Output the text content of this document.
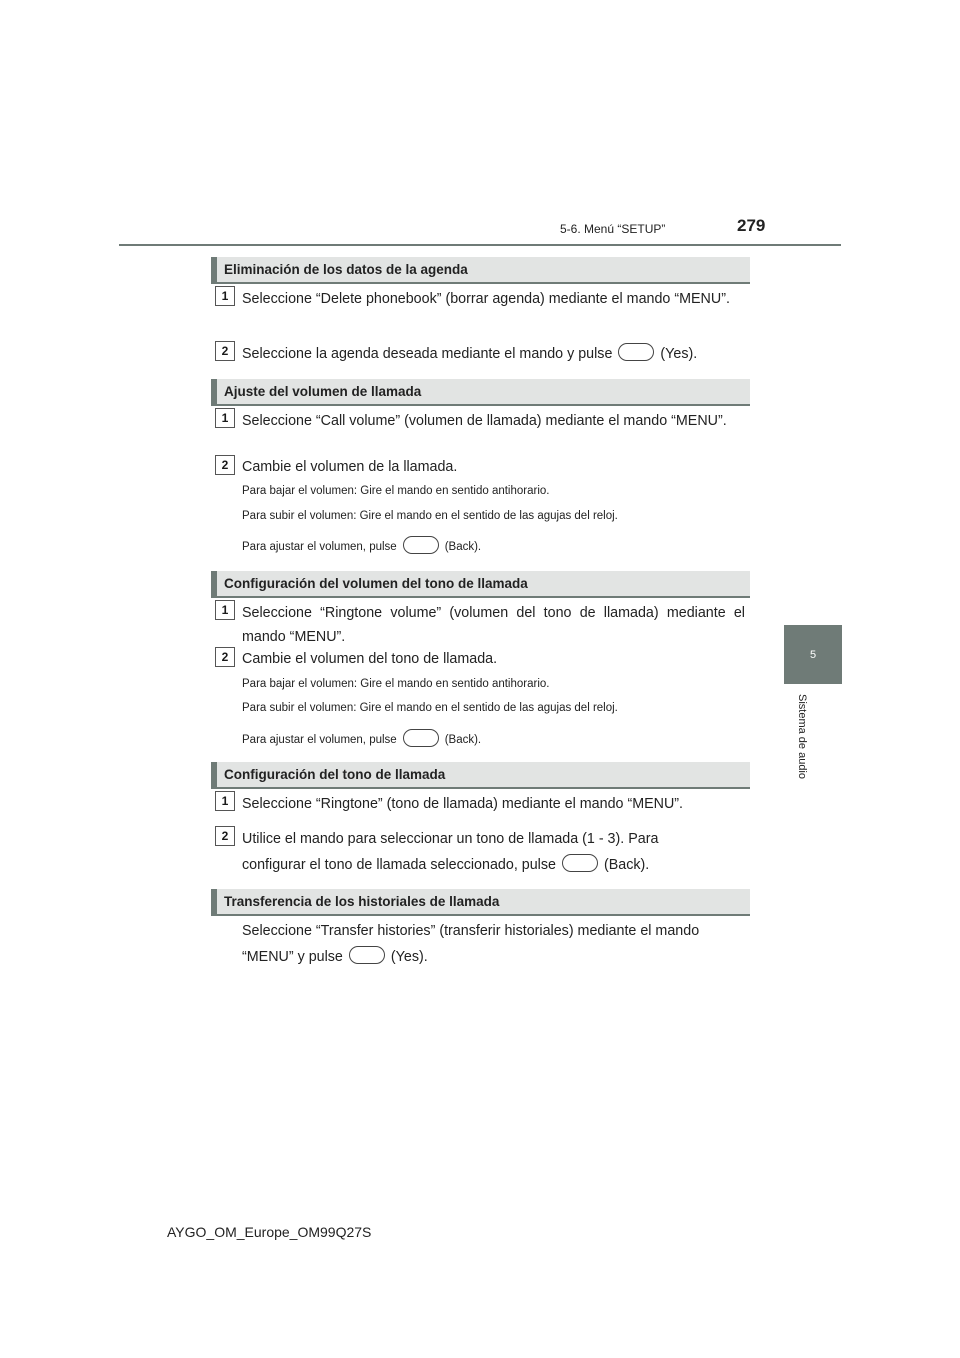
5-6. Menú “SETUP”	279
5
Sistema de audio
Eliminación de los datos de la agenda
1 Seleccione “Delete phonebook” (borrar agenda) mediante el mando “MENU”.
2 Seleccione la agenda deseada mediante el mando y pulse	(Yes).
Ajuste del volumen de llamada
1 Seleccione “Call volume” (volumen de llamada) mediante el mando “MENU”.
2 Cambie el volumen de la llamada.
Para bajar el volumen: Gire el mando en sentido antihorario.
Para subir el volumen: Gire el mando en el sentido de las agujas del reloj.
Para ajustar el volumen, pulse	(Back).
Configuración del volumen del tono de llamada
1 Seleccione “Ringtone volume” (volumen del tono de llamada) mediante el mando “MENU”.
2 Cambie el volumen del tono de llamada.
Para bajar el volumen: Gire el mando en sentido antihorario.
Para subir el volumen: Gire el mando en el sentido de las agujas del reloj.
Para ajustar el volumen, pulse	(Back).
Configuración del tono de llamada
1 Seleccione “Ringtone” (tono de llamada) mediante el mando “MENU”.
2 Utilice el mando para seleccionar un tono de llamada (1 - 3). Para
configurar el tono de llamada seleccionado, pulse	(Back).
Transferencia de los historiales de llamada
Seleccione “Transfer histories” (transferir historiales) mediante el mando
“MENU” y pulse	(Yes).
AYGO_OM_Europe_OM99Q27S
